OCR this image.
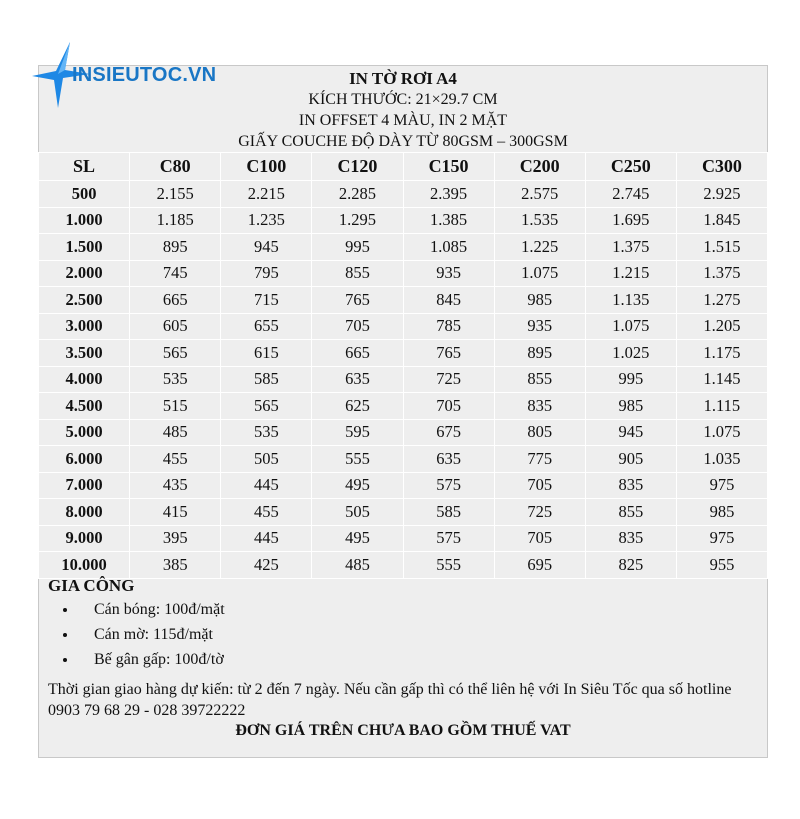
INSIEUTOC.VN	IN TỜ RƠI A4
KÍCH THƯỚC: 21×29.7 CM
IN OFFSET 4 MÀU, IN 2 MẶT
GIẤY COUCHE ĐỘ DÀY TỪ 80GSM – 300GSM
SL	C80	C100	C120	C150	C200	C250	C300
500	2.155	2.215	2.285	2.395	2.575	2.745	2.925
1.000	1.185	1.235	1.295	1.385	1.535	1.695	1.845
1.500	895	945	995	1.085	1.225	1.375	1.515
2.000	745	795	855	935	1.075	1.215	1.375
2.500	665	715	765	845	985	1.135	1.275
3.000	605	655	705	785	935	1.075	1.205
3.500	565	615	665	765	895	1.025	1.175
4.000	535	585	635	725	855	995	1.145
4.500	515	565	625	705	835	985	1.115
5.000	485	535	595	675	805	945	1.075
6.000	455	505	555	635	775	905	1.035
7.000	435	445	495	575	705	835	975
8.000	415	455	505	585	725	855	985
9.000	395	445	495	575	705	835	975
10.000	385	425	485	555	695	825	955
GIA CÔNG
• Cán bóng: 100đ/mặt
• Cán mờ: 115đ/mặt
• Bế gân gấp: 100đ/tờ
Thời gian giao hàng dự kiến: từ 2 đến 7 ngày. Nếu cần gấp thì có thể liên hệ với In Siêu Tốc qua số hotline 0903 79 68 29 - 028 39722222
ĐƠN GIÁ TRÊN CHƯA BAO GỒM THUẾ VAT
